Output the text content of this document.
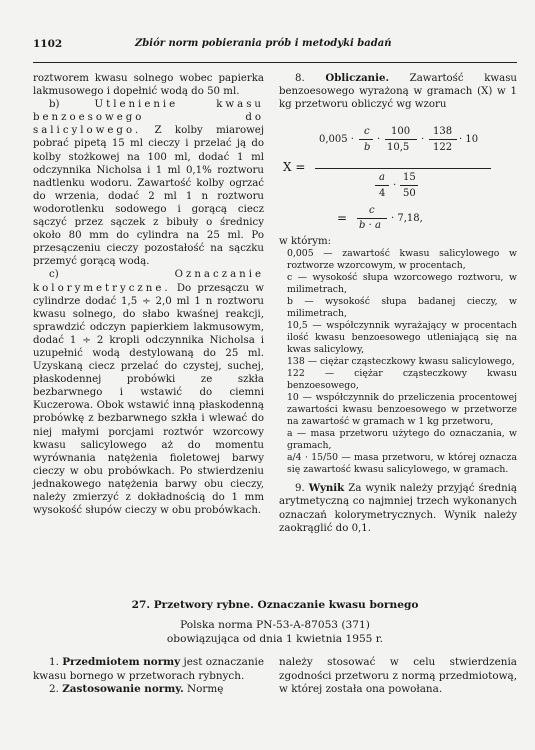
1102	Zbiór norm pobierania prób i metodyki badań

roztworem kwasu solnego wobec papierka lakmusowego i dopełnić wodą do 50 ml.

b) Utlenienie kwasu benzoesowego do salicylowego. Z kolby miarowej pobrać pipetą 15 ml cieczy i przelać ją do kolby stożkowej na 100 ml, dodać 1 ml odczynnika Nicholsa i 1 ml 0,1% roztworu nadtlenku wodoru. Zawartość kolby ogrzać do wrzenia, dodać 2 ml 1 n roztworu wodorotlenku sodowego i gorącą ciecz sączyć przez sączek z bibuły o średnicy około 80 mm do cylindra na 25 ml. Po przesączeniu cieczy pozostałość na sączku przemyć gorącą wodą.

c) Oznaczanie kolorymetryczne. Do przesączu w cylindrze dodać 1,5 ÷ 2,0 ml 1 n roztworu kwasu solnego, do słabo kwaśnej reakcji, sprawdzić odczyn papierkiem lakmusowym, dodać 1 ÷ 2 kropli odczynnika Nicholsa i uzupełnić wodą destylowaną do 25 ml. Uzyskaną ciecz przelać do czystej, suchej, płaskodennej probówki ze szkła bezbarwnego i wstawić do ciemni Kuczerowa. Obok wstawić inną płaskodenną probówkę z bezbarwnego szkła i wlewać do niej małymi porcjami roztwór wzorcowy kwasu salicylowego aż do momentu wyrównania natężenia fioletowej barwy cieczy w obu probówkach. Po stwierdzeniu jednakowego natężenia barwy obu cieczy, należy zmierzyć z dokładnością do 1 mm wysokość słupów cieczy w obu probówkach.

8. Obliczanie. Zawartość kwasu benzoesowego wyrażoną w gramach (X) w 1 kg przetworu obliczyć wg wzoru

X =
0,005 ·
c
b
·
100
10,5
·
138
122
· 10
a
4
·
15
50
=
c
b · a
· 7,18,

w którym:

0,005 — zawartość kwasu salicylowego w roztworze wzorcowym, w procentach,

c — wysokość słupa wzorcowego roztworu, w milimetrach,

b — wysokość słupa badanej cieczy, w milimetrach,

10,5 — współczynnik wyrażający w procentach ilość kwasu benzoesowego utleniającą się na kwas salicylowy,

138 — ciężar cząsteczkowy kwasu salicylowego,

122 — ciężar cząsteczkowy kwasu benzoesowego,

10 — współczynnik do przeliczenia procentowej zawartości kwasu benzoesowego w przetworze na zawartość w gramach w 1 kg przetworu,

a — masa przetworu użytego do oznaczania, w gramach,

a/4 · 15/50 — masa przetworu, w której oznacza się zawartość kwasu salicylowego, w gramach.

9. Wynik Za wynik należy przyjąć średnią arytmetyczną co najmniej trzech wykonanych oznaczań kolorymetrycznych. Wynik należy zaokrąglić do 0,1.

27. Przetwory rybne. Oznaczanie kwasu bornego
Polska norma PN-53-A-87053 (371)
obowiązująca od dnia 1 kwietnia 1955 r.

1. Przedmiotem normy jest oznaczanie kwasu bornego w przetworach rybnych.

2. Zastosowanie normy. Normę

należy stosować w celu stwierdzenia zgodności przetworu z normą przedmiotową, w której została ona powołana.
